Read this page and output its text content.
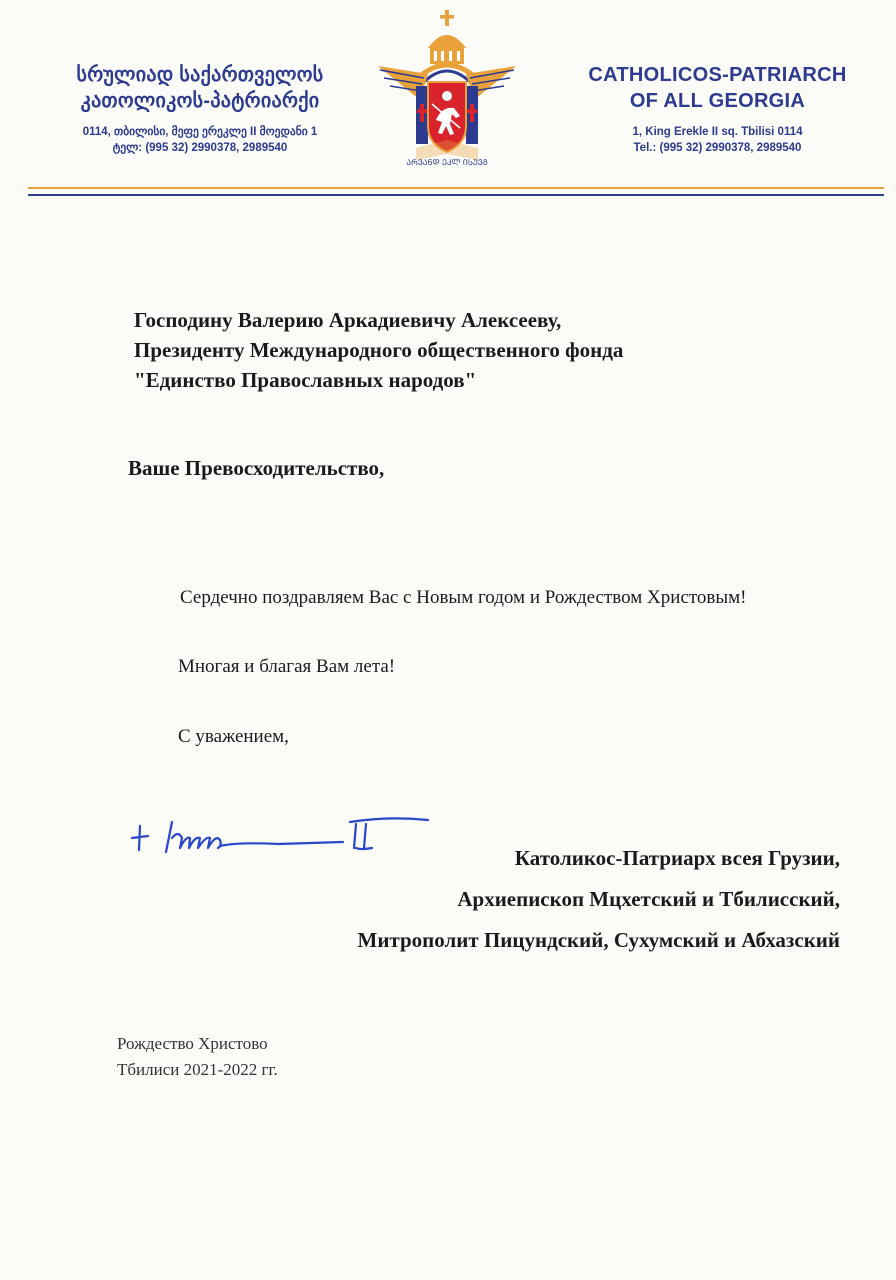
სრულიად საქართველოს
კათოლიკოს-პატრიარქი
0114, თბილისი, მეფე ერეკლე II მოედანი 1
ტელ: (995 32) 2990378, 2989540
ᲐᲠᲕᲐᲜᲓ ᲔᲙᲚ ᲘᲡᲣᲕᲒ
CATHOLICOS-PATRIARCH
OF ALL GEORGIA
1, King Erekle II sq. Tbilisi 0114
Tel.: (995 32) 2990378, 2989540
Господину Валерию Аркадиевичу Алексееву,
Президенту Международного общественного фонда
"Единство Православных народов"
Ваше Превосходительство,
Сердечно поздравляем Вас с Новым годом и Рождеством Христовым!
Многая и благая Вам лета!
С уважением,
Католикос-Патриарх всея Грузии,
Архиепископ Мцхетский и Тбилисский,
Митрополит Пицундский, Сухумский и Абхазский
Рождество Христово
Тбилиси 2021-2022 гг.
